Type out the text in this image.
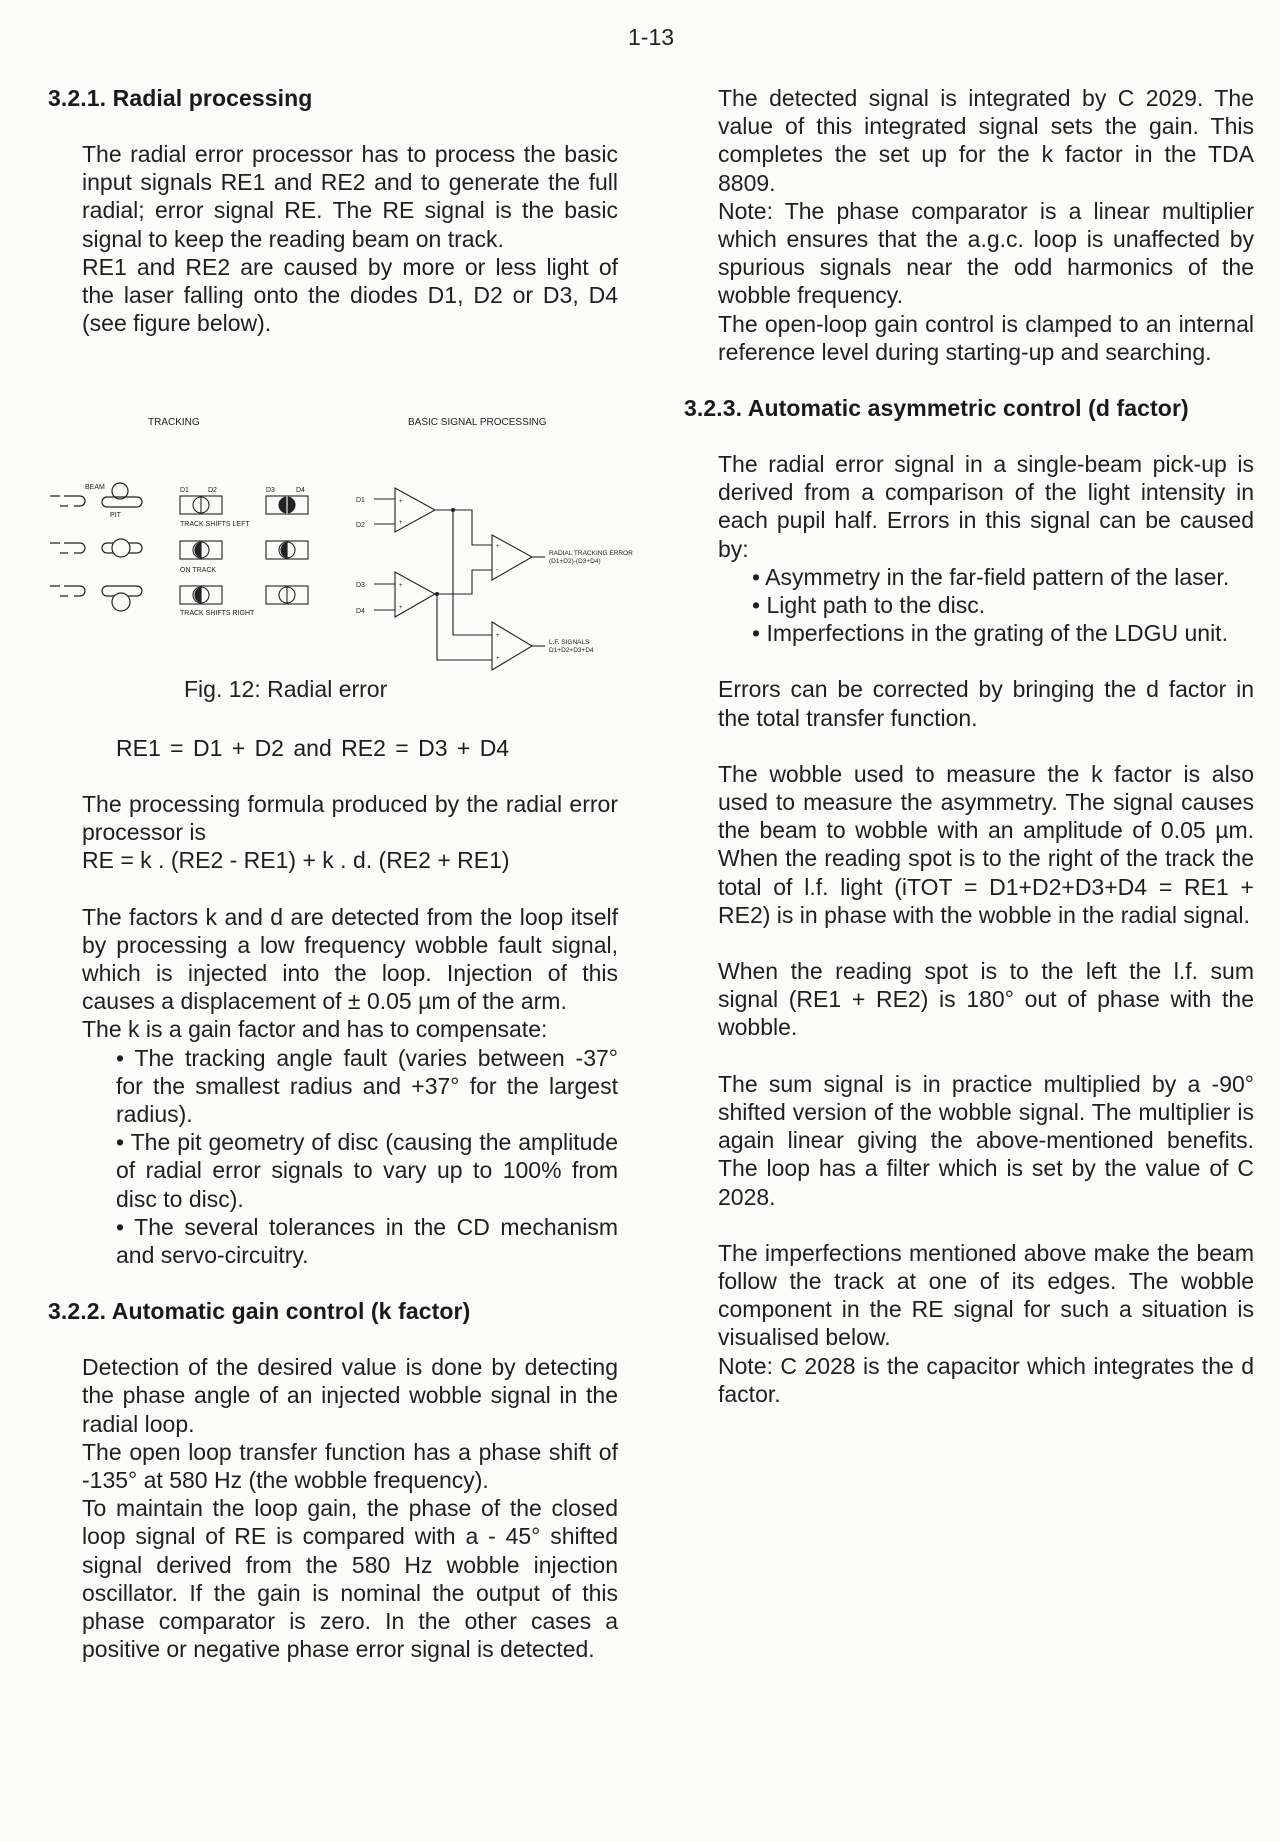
1-13
3.2.1. Radial processing

The radial error processor has to process the basic input signals RE1 and RE2 and to generate the full radial; error signal RE. The RE signal is the basic signal to keep the reading beam on track.

RE1 and RE2 are caused by more or less light of the laser falling onto the diodes D1, D2 or D3, D4 (see figure below).

TRACKING	BASIC SIGNAL PROCESSING
BEAM
PIT
D1	D2	D3	D4
TRACK SHIFTS LEFT
ON TRACK
TRACK SHIFTS RIGHT
D1
D2
D3
D4
+
+
+
+
+
-
+
+
RADIAL TRACKING ERROR
(D1+D2)-(D3+D4)
L.F. SIGNALS
D1+D2+D3+D4
Fig. 12: Radial error
RE1 = D1 + D2 and RE2 = D3 + D4

The processing formula produced by the radial error processor is

RE = k . (RE2 - RE1) + k . d. (RE2 + RE1)

The factors k and d are detected from the loop itself by processing a low frequency wobble fault signal, which is injected into the loop. Injection of this causes a displacement of ± 0.05 µm of the arm.

The k is a gain factor and has to compensate:

• The tracking angle fault (varies between -37° for the smallest radius and +37° for the largest radius).
• The pit geometry of disc (causing the amplitude of radial error signals to vary up to 100% from disc to disc).
• The several tolerances in the CD mechanism and servo-circuitry.
3.2.2. Automatic gain control (k factor)

Detection of the desired value is done by detecting the phase angle of an injected wobble signal in the radial loop.

The open loop transfer function has a phase shift of -135° at 580 Hz (the wobble frequency).

To maintain the loop gain, the phase of the closed loop signal of RE is compared with a - 45° shifted signal derived from the 580 Hz wobble injection oscillator. If the gain is nominal the output of this phase comparator is zero. In the other cases a positive or negative phase error signal is detected.

The detected signal is integrated by C 2029. The value of this integrated signal sets the gain. This completes the set up for the k factor in the TDA 8809.

Note: The phase comparator is a linear multiplier which ensures that the a.g.c. loop is unaffected by spurious signals near the odd harmonics of the wobble frequency.

The open-loop gain control is clamped to an internal reference level during starting-up and searching.

3.2.3. Automatic asymmetric control (d factor)

The radial error signal in a single-beam pick-up is derived from a comparison of the light intensity in each pupil half. Errors in this signal can be caused by:

• Asymmetry in the far-field pattern of the laser.
• Light path to the disc.
• Imperfections in the grating of the LDGU unit.

Errors can be corrected by bringing the d factor in the total transfer function.

The wobble used to measure the k factor is also used to measure the asymmetry. The signal causes the beam to wobble with an amplitude of 0.05 µm. When the reading spot is to the right of the track the total of l.f. light (iTOT = D1+D2+D3+D4 = RE1 + RE2) is in phase with the wobble in the radial signal.

When the reading spot is to the left the l.f. sum signal (RE1 + RE2) is 180° out of phase with the wobble.

The sum signal is in practice multiplied by a -90° shifted version of the wobble signal. The multiplier is again linear giving the above-mentioned benefits. The loop has a filter which is set by the value of C 2028.

The imperfections mentioned above make the beam follow the track at one of its edges. The wobble component in the RE signal for such a situation is visualised below.

Note: C 2028 is the capacitor which integrates the d factor.
